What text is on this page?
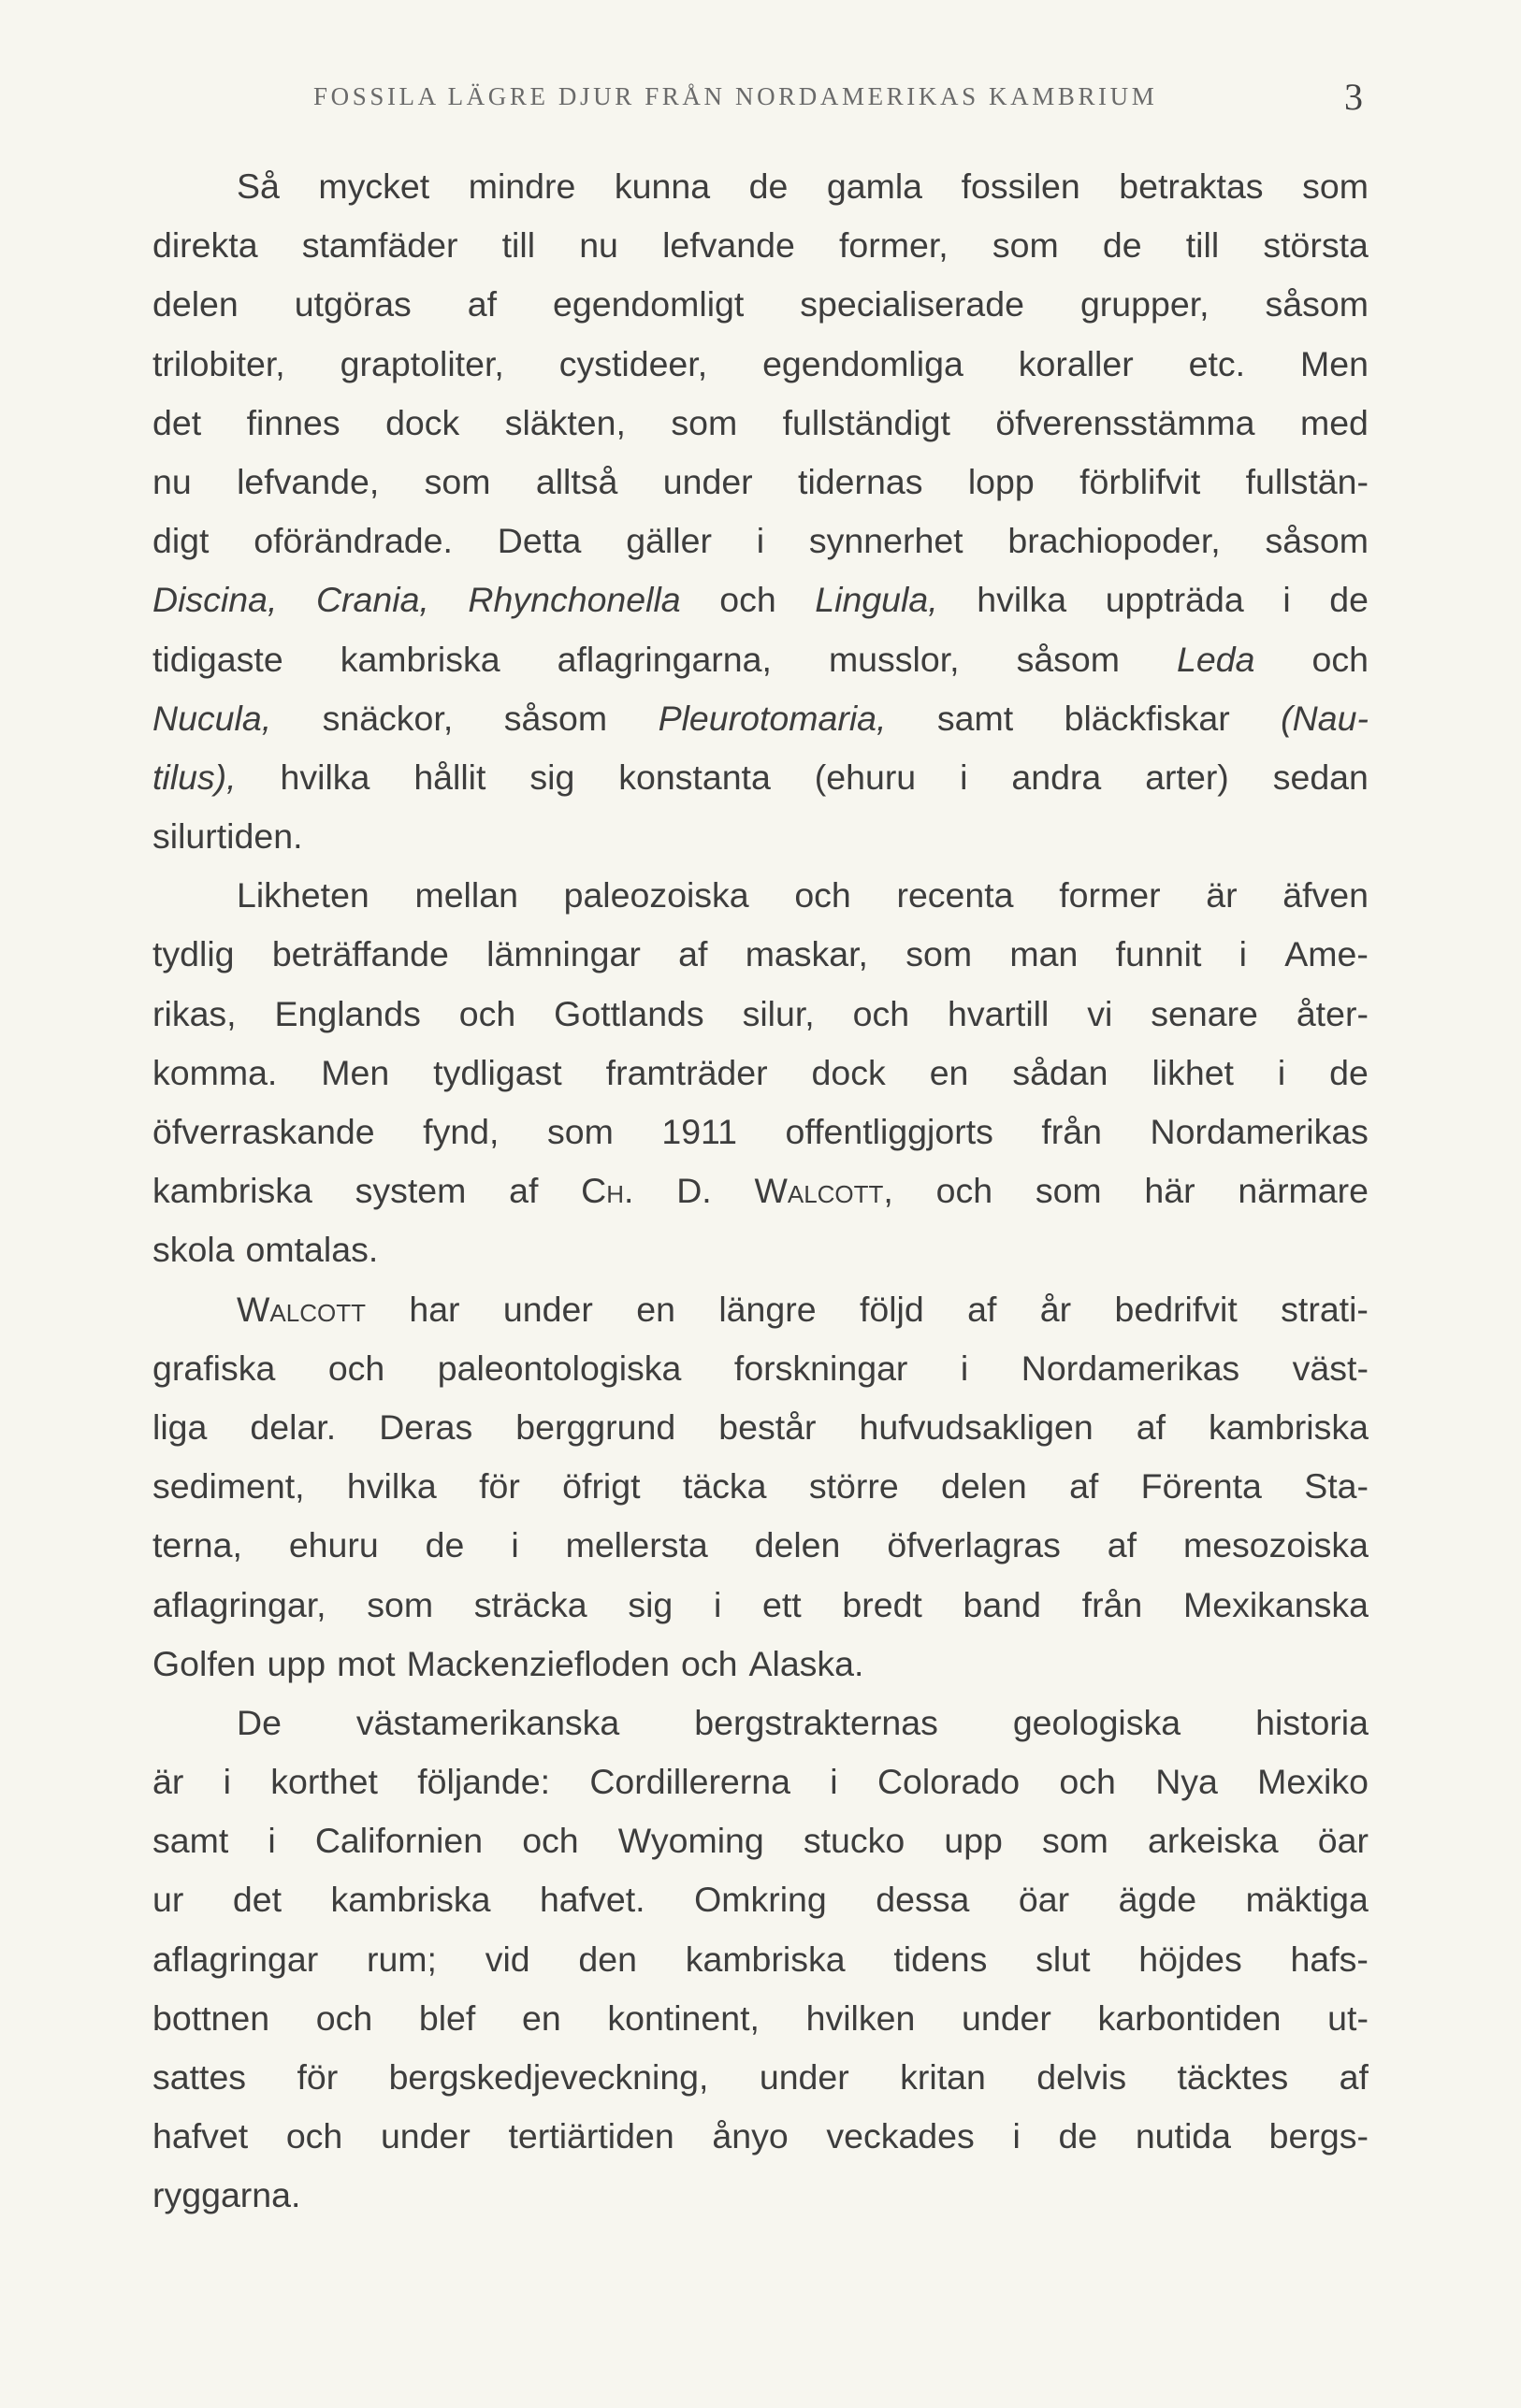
FOSSILA LÄGRE DJUR FRÅN NORDAMERIKAS KAMBRIUM	3
Så mycket mindre kunna de gamla fossilen betraktas som
direkta stamfäder till nu lefvande former, som de till största
delen utgöras af egendomligt specialiserade grupper, såsom
trilobiter, graptoliter, cystideer, egendomliga koraller etc. Men
det finnes dock släkten, som fullständigt öfverensstämma med
nu lefvande, som alltså under tidernas lopp förblifvit fullstän-
digt oförändrade. Detta gäller i synnerhet brachiopoder, såsom
Discina, Crania, Rhynchonella och Lingula, hvilka uppträda i de
tidigaste kambriska aflagringarna, musslor, såsom Leda och
Nucula, snäckor, såsom Pleurotomaria, samt bläckfiskar (Nau-
tilus), hvilka hållit sig konstanta (ehuru i andra arter) sedan
silurtiden.
Likheten mellan paleozoiska och recenta former är äfven
tydlig beträffande lämningar af maskar, som man funnit i Ame-
rikas, Englands och Gottlands silur, och hvartill vi senare åter-
komma. Men tydligast framträder dock en sådan likhet i de
öfverraskande fynd, som 1911 offentliggjorts från Nordamerikas
kambriska system af Ch. D. Walcott, och som här närmare
skola omtalas.
Walcott har under en längre följd af år bedrifvit strati-
grafiska och paleontologiska forskningar i Nordamerikas väst-
liga delar. Deras berggrund består hufvudsakligen af kambriska
sediment, hvilka för öfrigt täcka större delen af Förenta Sta-
terna, ehuru de i mellersta delen öfverlagras af mesozoiska
aflagringar, som sträcka sig i ett bredt band från Mexikanska
Golfen upp mot Mackenziefloden och Alaska.
De västamerikanska bergstrakternas geologiska historia
är i korthet följande: Cordillererna i Colorado och Nya Mexiko
samt i Californien och Wyoming stucko upp som arkeiska öar
ur det kambriska hafvet. Omkring dessa öar ägde mäktiga
aflagringar rum; vid den kambriska tidens slut höjdes hafs-
bottnen och blef en kontinent, hvilken under karbontiden ut-
sattes för bergskedjeveckning, under kritan delvis täcktes af
hafvet och under tertiärtiden ånyo veckades i de nutida bergs-
ryggarna.
